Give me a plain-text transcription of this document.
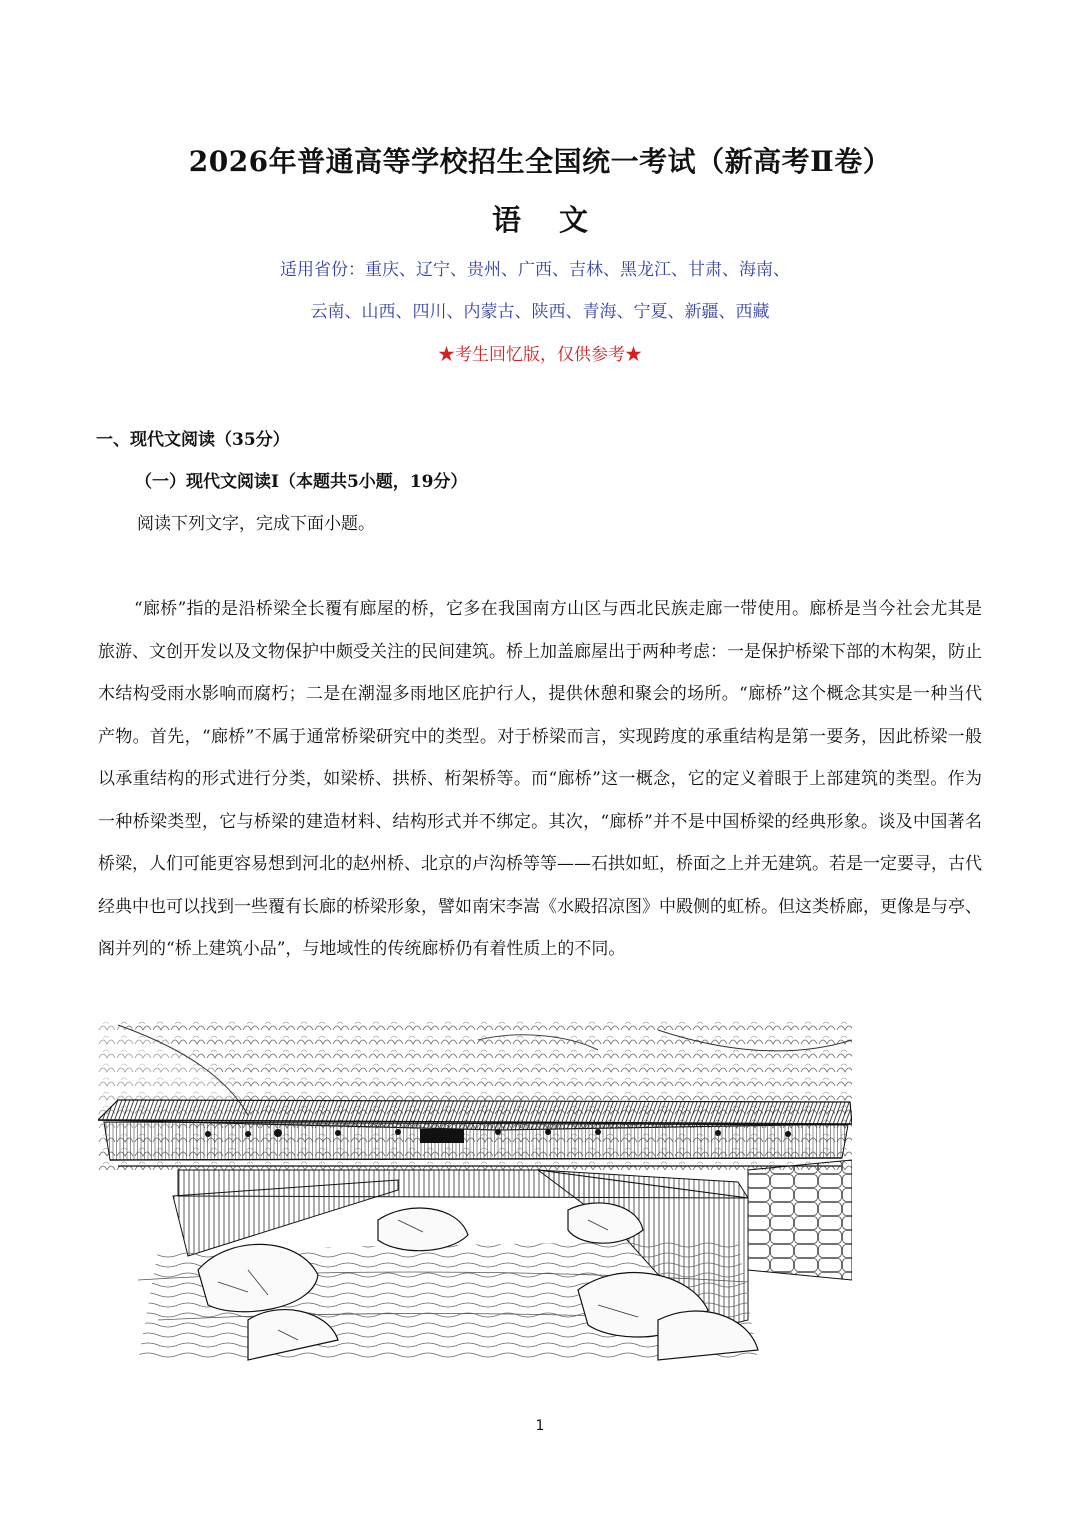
2026年普通高等学校招生全国统一考试（新高考Ⅱ卷）
语 文
适用省份：重庆、辽宁、贵州、广西、吉林、黑龙江、甘肃、海南、
云南、山西、四川、内蒙古、陕西、青海、宁夏、新疆、西藏
★考生回忆版，仅供参考★
一、现代文阅读（35分）
（一）现代文阅读Ⅰ（本题共5小题，19分）
阅读下列文字，完成下面小题。

“廊桥”指的是沿桥梁全长覆有廊屋的桥，它多在我国南方山区与西北民族走廊一带使用。廊桥是当今社会尤其是旅游、文创开发以及文物保护中颇受关注的民间建筑。桥上加盖廊屋出于两种考虑：一是保护桥梁下部的木构架，防止木结构受雨水影响而腐朽；二是在潮湿多雨地区庇护行人，提供休憩和聚会的场所。“廊桥”这个概念其实是一种当代产物。首先，“廊桥”不属于通常桥梁研究中的类型。对于桥梁而言，实现跨度的承重结构是第一要务，因此桥梁一般以承重结构的形式进行分类，如梁桥、拱桥、桁架桥等。而“廊桥”这一概念，它的定义着眼于上部建筑的类型。作为一种桥梁类型，它与桥梁的建造材料、结构形式并不绑定。其次，“廊桥”并不是中国桥梁的经典形象。谈及中国著名桥梁，人们可能更容易想到河北的赵州桥、北京的卢沟桥等等——石拱如虹，桥面之上并无建筑。若是一定要寻，古代经典中也可以找到一些覆有长廊的桥梁形象，譬如南宋李嵩《水殿招凉图》中殿侧的虹桥。但这类桥廊，更像是与亭、阁并列的“桥上建筑小品”，与地域性的传统廊桥仍有着性质上的不同。

1
